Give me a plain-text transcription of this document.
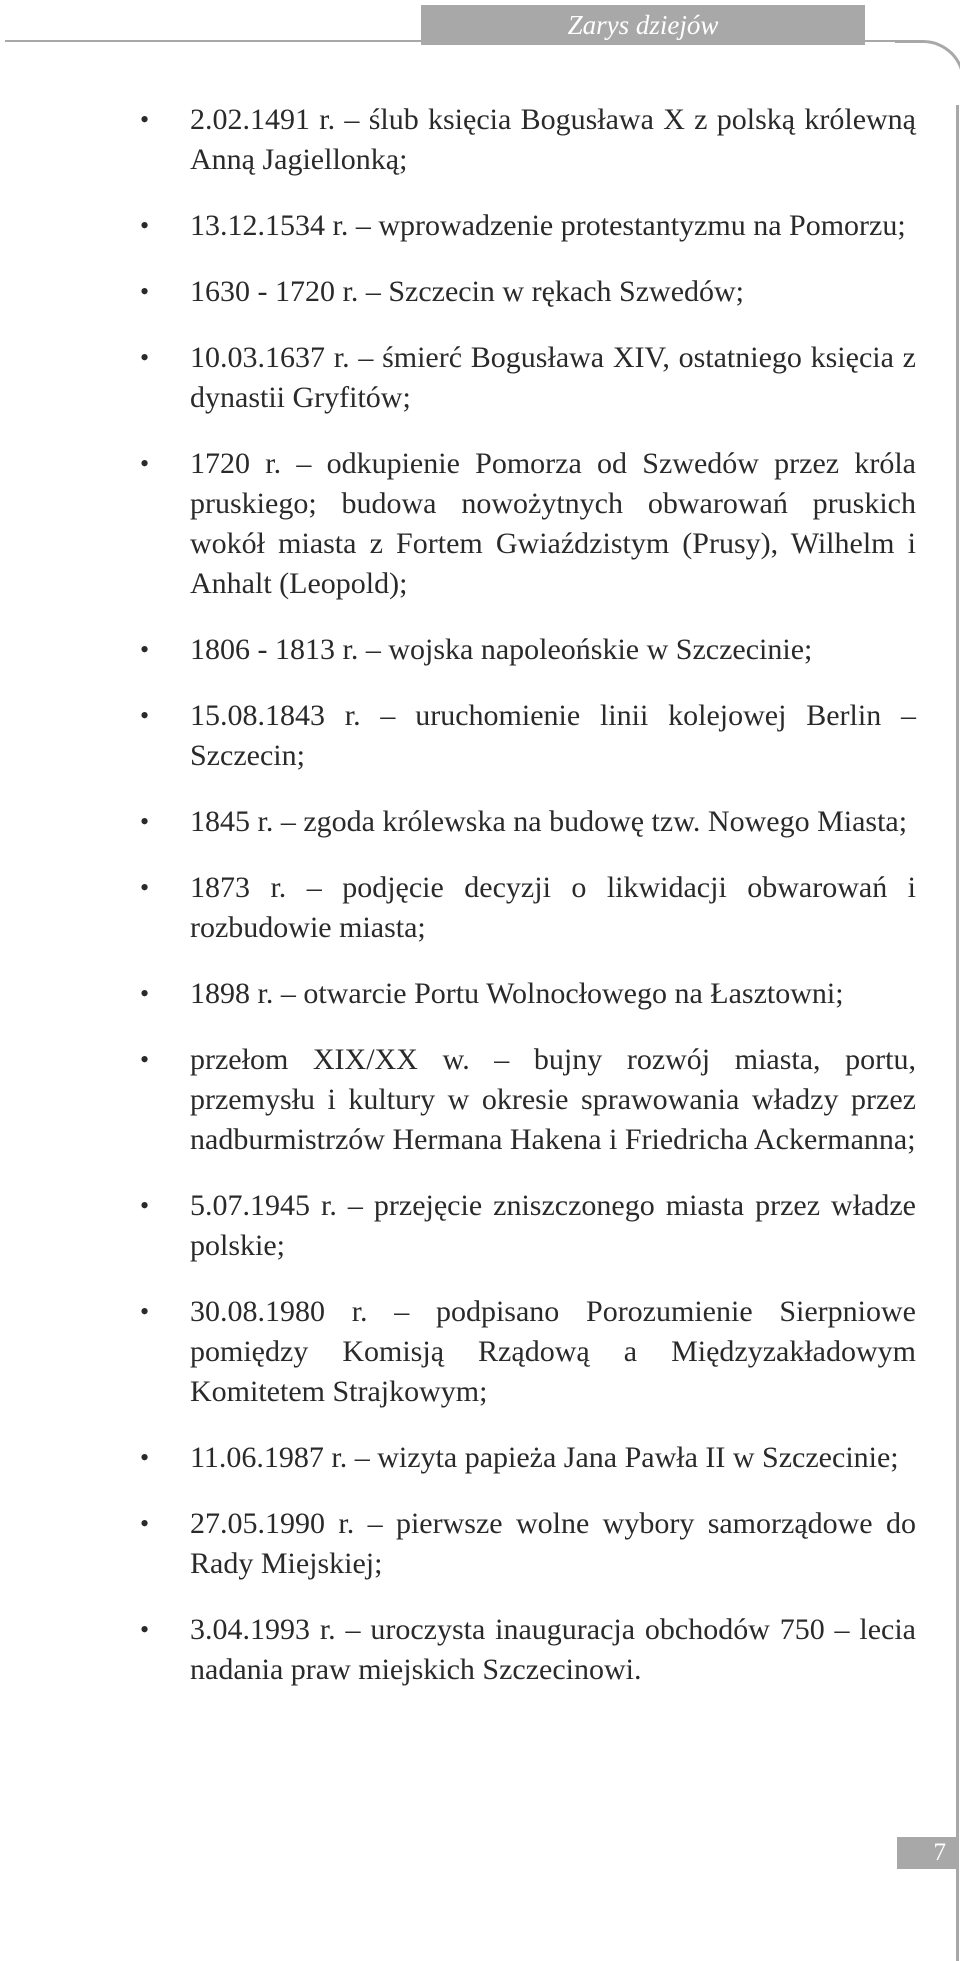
Zarys dziejów
• 2.02.1491 r. – ślub księcia Bogusława X z polską królewną Anną Jagiellonką;
• 13.12.1534 r. – wprowadzenie protestantyzmu na Pomorzu;
• 1630 - 1720 r. – Szczecin w rękach Szwedów;
• 10.03.1637 r. – śmierć Bogusława XIV, ostatniego księcia z dynastii Gryfitów;
• 1720 r. – odkupienie Pomorza od Szwedów przez króla pruskiego; budowa nowożytnych obwarowań pruskich wokół miasta z Fortem Gwiaździstym (Prusy), Wilhelm i Anhalt (Leopold);
• 1806 - 1813 r. – wojska napoleońskie w Szczecinie;
• 15.08.1843 r. – uruchomienie linii kolejowej Berlin – Szczecin;
• 1845 r. – zgoda królewska na budowę tzw. Nowego Miasta;
• 1873 r. – podjęcie decyzji o likwidacji obwarowań i rozbudowie miasta;
• 1898 r. – otwarcie Portu Wolnocłowego na Łasztowni;
• przełom XIX/XX w. – bujny rozwój miasta, portu, przemysłu i kultury w okresie sprawowania władzy przez nadburmistrzów Hermana Hakena i Friedricha Ackermanna;
• 5.07.1945 r. – przejęcie zniszczonego miasta przez władze polskie;
• 30.08.1980 r. – podpisano Porozumienie Sierpniowe pomiędzy Komisją Rządową a Międzyzakładowym Komitetem Strajkowym;
• 11.06.1987 r. – wizyta papieża Jana Pawła II w Szczecinie;
• 27.05.1990 r. – pierwsze wolne wybory samorządowe do Rady Miejskiej;
• 3.04.1993 r. – uroczysta inauguracja obchodów 750 – lecia nadania praw miejskich Szczecinowi.
7
